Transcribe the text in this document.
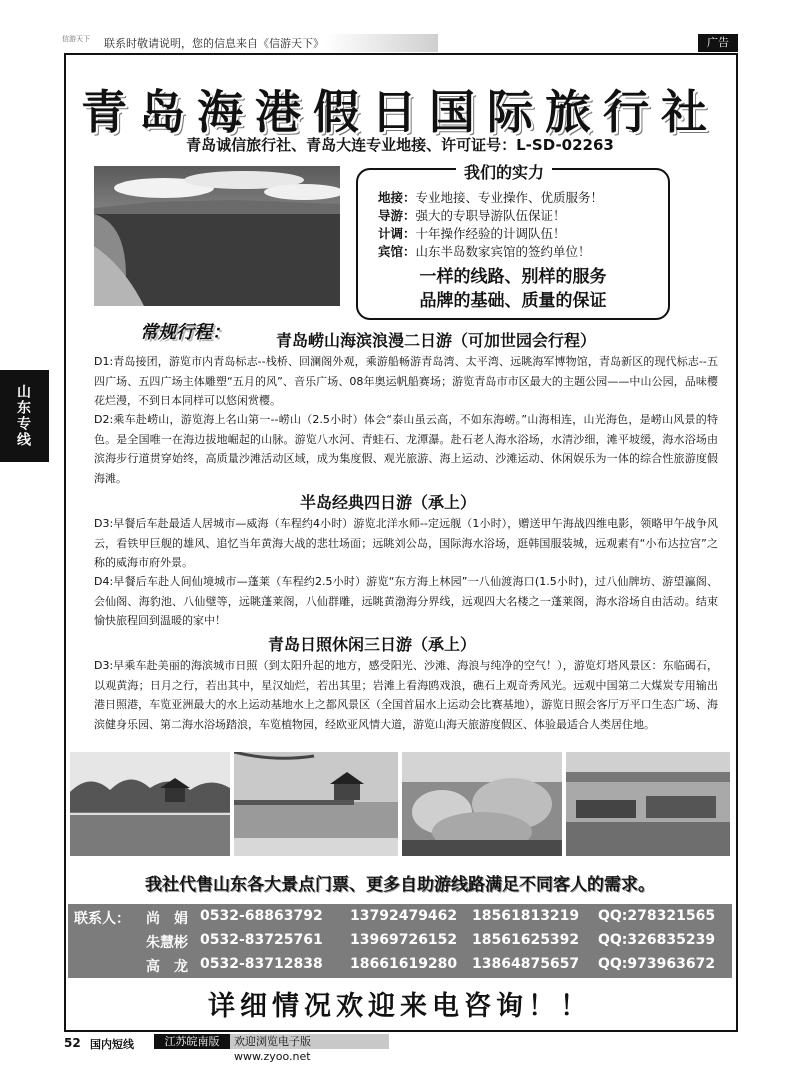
信游天下	联系时敬请说明，您的信息来自《信游天下》	广告
山东专线
青岛海港假日国际旅行社
青岛诚信旅行社、青岛大连专业地接、许可证号：L-SD-02263
地接：专业地接、专业操作、优质服务！
导游：强大的专职导游队伍保证！
计调：十年操作经验的计调队伍！
宾馆：山东半岛数家宾馆的签约单位！
一样的线路、别样的服务
品牌的基础、质量的保证
我们的实力
常规行程：	青岛崂山海滨浪漫二日游（可加世园会行程）
D1:青岛接团，游览市内青岛标志--栈桥、回澜阁外观，乘游船畅游青岛湾、太平湾、远眺海军博物馆，青岛新区的现代标志--五四广场、五四广场主体雕塑“五月的风”、音乐广场、08年奥运帆船赛场；游览青岛市市区最大的主题公园——中山公园，品味樱花烂漫，不到日本同样可以悠闲赏樱。
D2:乘车赴崂山，游览海上名山第一--崂山（2.5小时）体会“泰山虽云高，不如东海崂。”山海相连，山光海色，是崂山风景的特色。是全国唯一在海边拔地崛起的山脉。游览八水河、青蛙石、龙潭瀑。赴石老人海水浴场，水清沙细，滩平坡缓，海水浴场由滨海步行道贯穿始终，高质量沙滩活动区域，成为集度假、观光旅游、海上运动、沙滩运动、休闲娱乐为一体的综合性旅游度假海滩。
半岛经典四日游（承上）
D3:早餐后车赴最适人居城市—威海（车程约4小时）游览北洋水师--定远舰（1小时），赠送甲午海战四维电影，领略甲午战争风云，看铁甲巨舰的雄风、追忆当年黄海大战的悲壮场面；远眺刘公岛，国际海水浴场，逛韩国服装城，远观素有“小布达拉宫”之称的威海市府外景。
D4:早餐后车赴人间仙境城市—蓬莱（车程约2.5小时）游览“东方海上林园”一八仙渡海口(1.5小时)，过八仙牌坊、游望瀛阁、会仙阁、海豹池、八仙璧等，远眺蓬莱阁，八仙群雕，远眺黄渤海分界线，远观四大名楼之一蓬莱阁，海水浴场自由活动。结束愉快旅程回到温暖的家中！
青岛日照休闲三日游（承上）
D3:早乘车赴美丽的海滨城市日照（到太阳升起的地方，感受阳光、沙滩、海浪与纯净的空气！），游览灯塔风景区：东临碣石，以观黄海；日月之行，若出其中，星汉灿烂，若出其里；岩滩上看海鸥戏浪，礁石上观奇秀风光。远观中国第二大煤炭专用输出港日照港，车览亚洲最大的水上运动基地水上之都风景区（全国首届水上运动会比赛基地），游览日照会客厅万平口生态广场、海滨健身乐园、第二海水浴场踏浪，车览植物园，经欧亚风情大道，游览山海天旅游度假区、体验最适合人类居住地。
我社代售山东各大景点门票、更多自助游线路满足不同客人的需求。
联系人： 尚　娟 0532-68863792 13792479462 18561813219 QQ:278321565
朱慧彬 0532-83725761 13969726152 18561625392 QQ:326835239
高　龙 0532-83712838 18661619280 13864875657 QQ:973963672
详细情况欢迎来电咨询！！
52 国内短线	江苏皖南版	欢迎浏览电子版 www.zyoo.net
